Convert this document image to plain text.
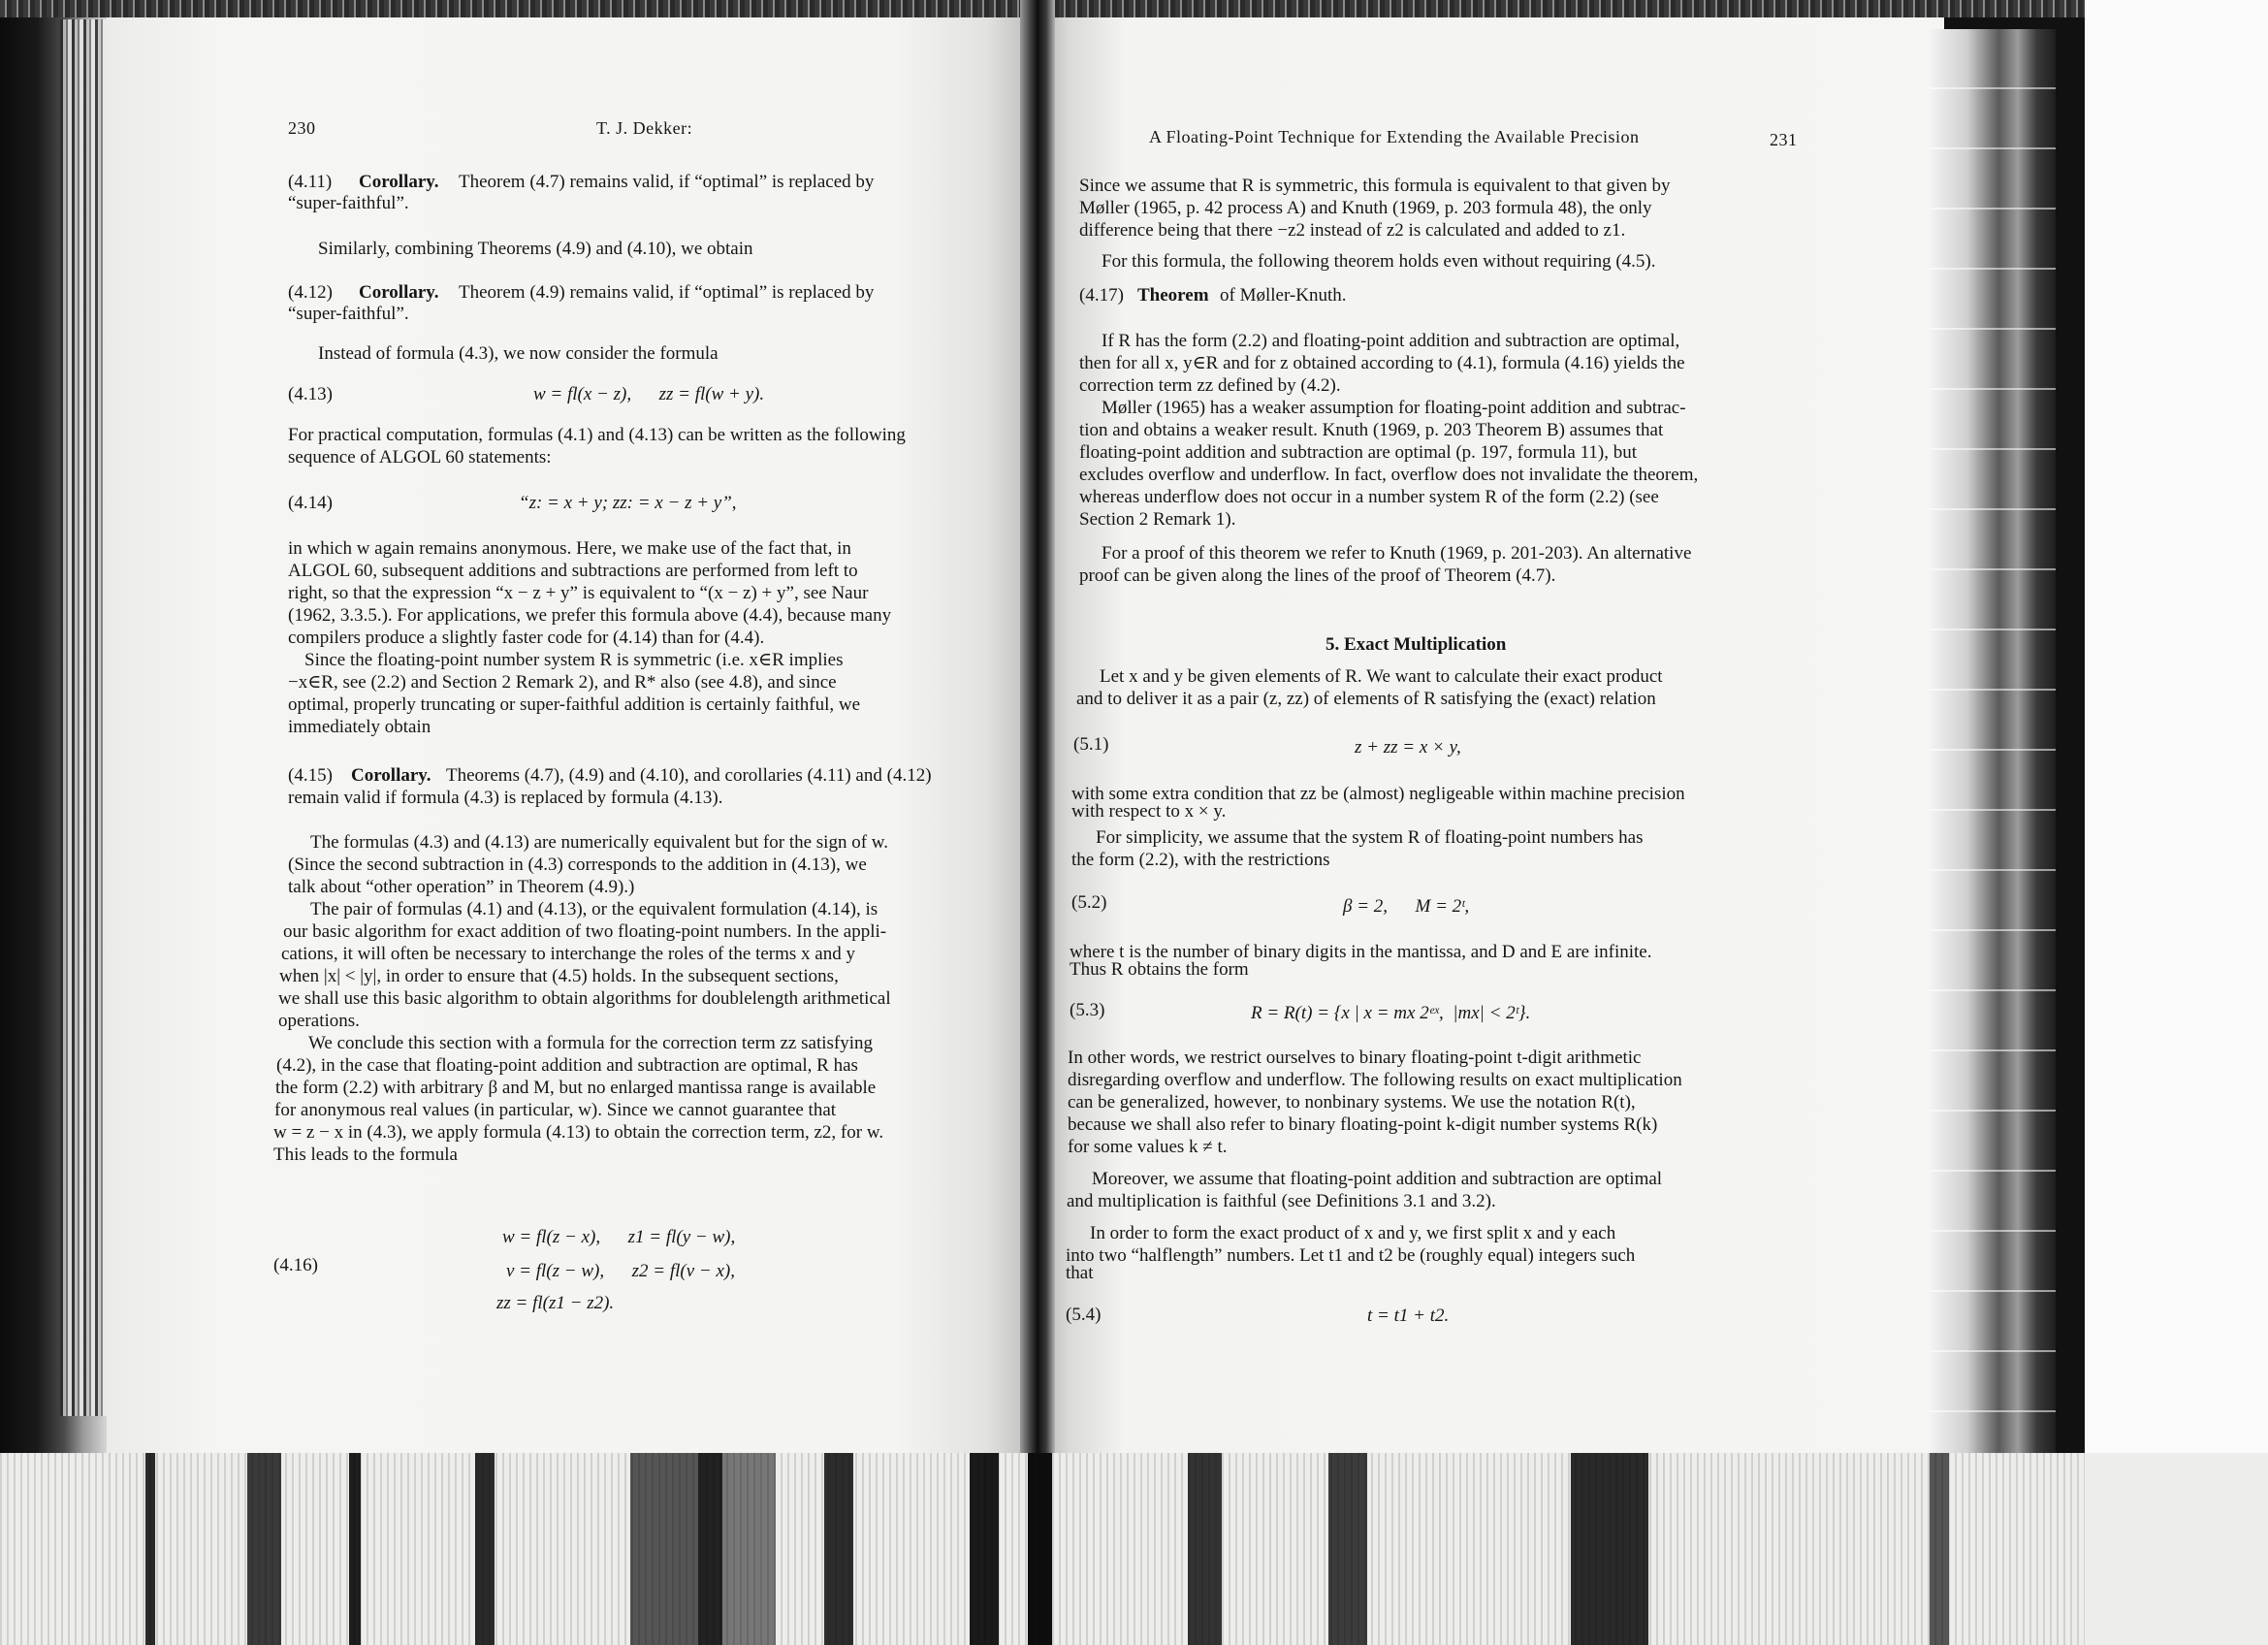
230	T. J. Dekker:
(4.11) Corollary. Theorem (4.7) remains valid, if “optimal” is replaced by
“super-faithful”.
Similarly, combining Theorems (4.9) and (4.10), we obtain
(4.12) Corollary. Theorem (4.9) remains valid, if “optimal” is replaced by
“super-faithful”.
Instead of formula (4.3), we now consider the formula
(4.13)	w = fl(x − z),      zz = fl(w + y).
For practical computation, formulas (4.1) and (4.13) can be written as the following
sequence of ALGOL 60 statements:
(4.14)	“z: = x + y; zz: = x − z + y”,
in which w again remains anonymous. Here, we make use of the fact that, in
ALGOL 60, subsequent additions and subtractions are performed from left to
right, so that the expression “x − z + y” is equivalent to “(x − z) + y”, see Naur
(1962, 3.3.5.). For applications, we prefer this formula above (4.4), because many
compilers produce a slightly faster code for (4.14) than for (4.4).
Since the floating-point number system R is symmetric (i.e. x∈R implies
−x∈R, see (2.2) and Section 2 Remark 2), and R* also (see 4.8), and since
optimal, properly truncating or super-faithful addition is certainly faithful, we
immediately obtain
(4.15) Corollary. Theorems (4.7), (4.9) and (4.10), and corollaries (4.11) and (4.12)
remain valid if formula (4.3) is replaced by formula (4.13).
The formulas (4.3) and (4.13) are numerically equivalent but for the sign of w.
(Since the second subtraction in (4.3) corresponds to the addition in (4.13), we
talk about “other operation” in Theorem (4.9).)
The pair of formulas (4.1) and (4.13), or the equivalent formulation (4.14), is
our basic algorithm for exact addition of two floating-point numbers. In the appli-
cations, it will often be necessary to interchange the roles of the terms x and y
when |x| < |y|, in order to ensure that (4.5) holds. In the subsequent sections,
we shall use this basic algorithm to obtain algorithms for doublelength arithmetical
operations.
We conclude this section with a formula for the correction term zz satisfying
(4.2), in the case that floating-point addition and subtraction are optimal, R has
the form (2.2) with arbitrary β and M, but no enlarged mantissa range is available
for anonymous real values (in particular, w). Since we cannot guarantee that
w = z − x in (4.3), we apply formula (4.13) to obtain the correction term, z2, for w.
This leads to the formula
(4.16)
w = fl(z − x),      z1 = fl(y − w),
v = fl(z − w),      z2 = fl(v − x),
zz = fl(z1 − z2).
A Floating-Point Technique for Extending the Available Precision	231
Since we assume that R is symmetric, this formula is equivalent to that given by
Møller (1965, p. 42 process A) and Knuth (1969, p. 203 formula 48), the only
difference being that there −z2 instead of z2 is calculated and added to z1.
For this formula, the following theorem holds even without requiring (4.5).
(4.17) Theorem of Møller-Knuth.
If R has the form (2.2) and floating-point addition and subtraction are optimal,
then for all x, y∈R and for z obtained according to (4.1), formula (4.16) yields the
correction term zz defined by (4.2).
Møller (1965) has a weaker assumption for floating-point addition and subtrac-
tion and obtains a weaker result. Knuth (1969, p. 203 Theorem B) assumes that
floating-point addition and subtraction are optimal (p. 197, formula 11), but
excludes overflow and underflow. In fact, overflow does not invalidate the theorem,
whereas underflow does not occur in a number system R of the form (2.2) (see
Section 2 Remark 1).
For a proof of this theorem we refer to Knuth (1969, p. 201-203). An alternative
proof can be given along the lines of the proof of Theorem (4.7).
5. Exact Multiplication
Let x and y be given elements of R. We want to calculate their exact product
and to deliver it as a pair (z, zz) of elements of R satisfying the (exact) relation
(5.1)	z + zz = x × y,
with some extra condition that zz be (almost) negligeable within machine precision
with respect to x × y.
For simplicity, we assume that the system R of floating-point numbers has
the form (2.2), with the restrictions
(5.2)	β = 2,      M = 2ᵗ,
where t is the number of binary digits in the mantissa, and D and E are infinite.
Thus R obtains the form
(5.3)	R = R(t) = {x | x = mx 2ᵉˣ,  |mx| < 2ᵗ}.
In other words, we restrict ourselves to binary floating-point t-digit arithmetic
disregarding overflow and underflow. The following results on exact multiplication
can be generalized, however, to nonbinary systems. We use the notation R(t),
because we shall also refer to binary floating-point k-digit number systems R(k)
for some values k ≠ t.
Moreover, we assume that floating-point addition and subtraction are optimal
and multiplication is faithful (see Definitions 3.1 and 3.2).
In order to form the exact product of x and y, we first split x and y each
into two “halflength” numbers. Let t1 and t2 be (roughly equal) integers such
that
(5.4)	t = t1 + t2.
